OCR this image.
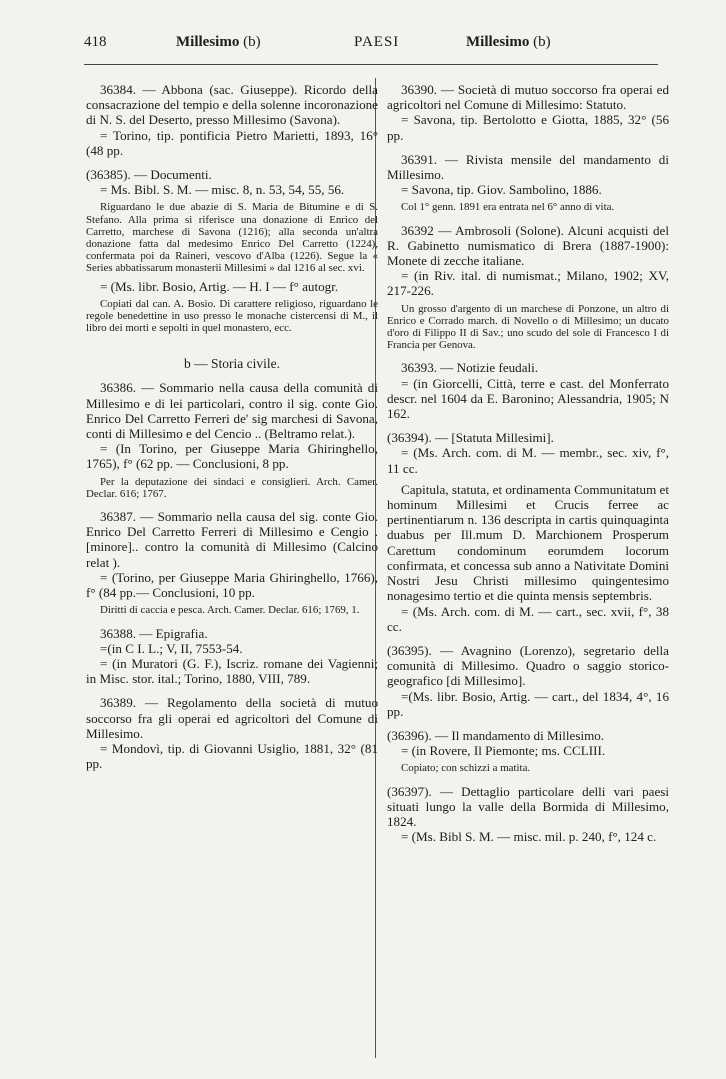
418	Millesimo (b)	PAESI	Millesimo (b)

36384. — Abbona (sac. Giuseppe). Ricordo della consacrazione del tempio e della solenne incoronazione di N. S. del Deserto, presso Millesimo (Savona).

= Torino, tip. pontificia Pietro Marietti, 1893, 16° (48 pp.

(36385). — Documenti.

= Ms. Bibl. S. M. — misc. 8, n. 53, 54, 55, 56.

Riguardano le due abazie di S. Maria de Bitumine e di S. Stefano. Alla prima si riferisce una donazione di Enrico del Carretto, marchese di Savona (1216); alla seconda un'altra donazione fatta dal medesimo Enrico Del Carretto (1224), confermata poi da Raineri, vescovo d'Alba (1226). Segue la « Series abbatissarum monasterii Millesimi » dal 1216 al sec. xvi.

= (Ms. libr. Bosio, Artig. — H. I — f° autogr.

Copiati dal can. A. Bosio. Di carattere religioso, riguardano le regole benedettine in uso presso le monache cistercensi di M., il libro dei morti e sepolti in quel monastero, ecc.

b — Storia civile.

36386. — Sommario nella causa della comunità di Millesimo e di lei particolari, contro il sig. conte Gio. Enrico Del Carretto Ferreri de' sig marchesi di Savona, conti di Millesimo e del Cencio .. (Beltramo relat.).

= (In Torino, per Giuseppe Maria Ghiringhello, 1765), f° (62 pp. — Conclusioni, 8 pp.

Per la deputazione dei sindaci e consiglieri. Arch. Camer. Declar. 616; 1767.

36387. — Sommario nella causa del sig. conte Gio. Enrico Del Carretto Ferreri di Millesimo e Cengio . [minore].. contro la comunità di Millesimo (Calcino relat ).

= (Torino, per Giuseppe Maria Ghiringhello, 1766), f° (84 pp.— Conclusioni, 10 pp.

Diritti di caccia e pesca. Arch. Camer. Declar. 616; 1769, 1.

36388. — Epigrafia.

=(in C I. L.; V, II, 7553-54.

= (in Muratori (G. F.), Iscriz. romane dei Vagienni; in Misc. stor. ital.; Torino, 1880, VIII, 789.

36389. — Regolamento della società di mutuo soccorso fra gli operai ed agricoltori del Comune di Millesimo.

= Mondovì, tip. di Giovanni Usiglio, 1881, 32° (81 pp.

36390. — Società di mutuo soccorso fra operai ed agricoltori nel Comune di Millesimo: Statuto.

= Savona, tip. Bertolotto e Giotta, 1885, 32° (56 pp.

36391. — Rivista mensile del mandamento di Millesimo.

= Savona, tip. Giov. Sambolino, 1886.

Col 1° genn. 1891 era entrata nel 6° anno di vita.

36392 — Ambrosoli (Solone). Alcuni acquisti del R. Gabinetto numismatico di Brera (1887-1900): Monete di zecche italiane.

= (in Riv. ital. di numismat.; Milano, 1902; XV, 217-226.

Un grosso d'argento di un marchese di Ponzone, un altro di Enrico e Corrado march. di Novello o di Millesimo; un ducato d'oro di Filippo II di Sav.; uno scudo del sole di Francesco I di Francia per Genova.

36393. — Notizie feudali.

= (in Giorcelli, Città, terre e cast. del Monferrato descr. nel 1604 da E. Baronino; Alessandria, 1905; N 162.

(36394). — [Statuta Millesimi].

= (Ms. Arch. com. di M. — membr., sec. xiv, f°, 11 cc.

Capitula, statuta, et ordinamenta Communitatum et hominum Millesimi et Crucis ferree ac pertinentiarum n. 136 descripta in cartis quinquaginta duabus per Ill.mum D. Marchionem Prosperum Carettum condominum eorumdem locorum confirmata, et concessa sub anno a Nativitate Domini Nostri Jesu Christi millesimo quingentesimo nonagesimo tertio et die quinta mensis septembris.

= (Ms. Arch. com. di M. — cart., sec. xvii, f°, 38 cc.

(36395). — Avagnino (Lorenzo), segretario della comunità di Millesimo. Quadro o saggio storico-geografico [di Millesimo].

=(Ms. libr. Bosio, Artig. — cart., del 1834, 4°, 16 pp.

(36396). — Il mandamento di Millesimo.

= (in Rovere, Il Piemonte; ms. CCLIII.

Copiato; con schizzi a matita.

(36397). — Dettaglio particolare delli vari paesi situati lungo la valle della Bormida di Millesimo, 1824.

= (Ms. Bibl S. M. — misc. mil. p. 240, f°, 124 c.
